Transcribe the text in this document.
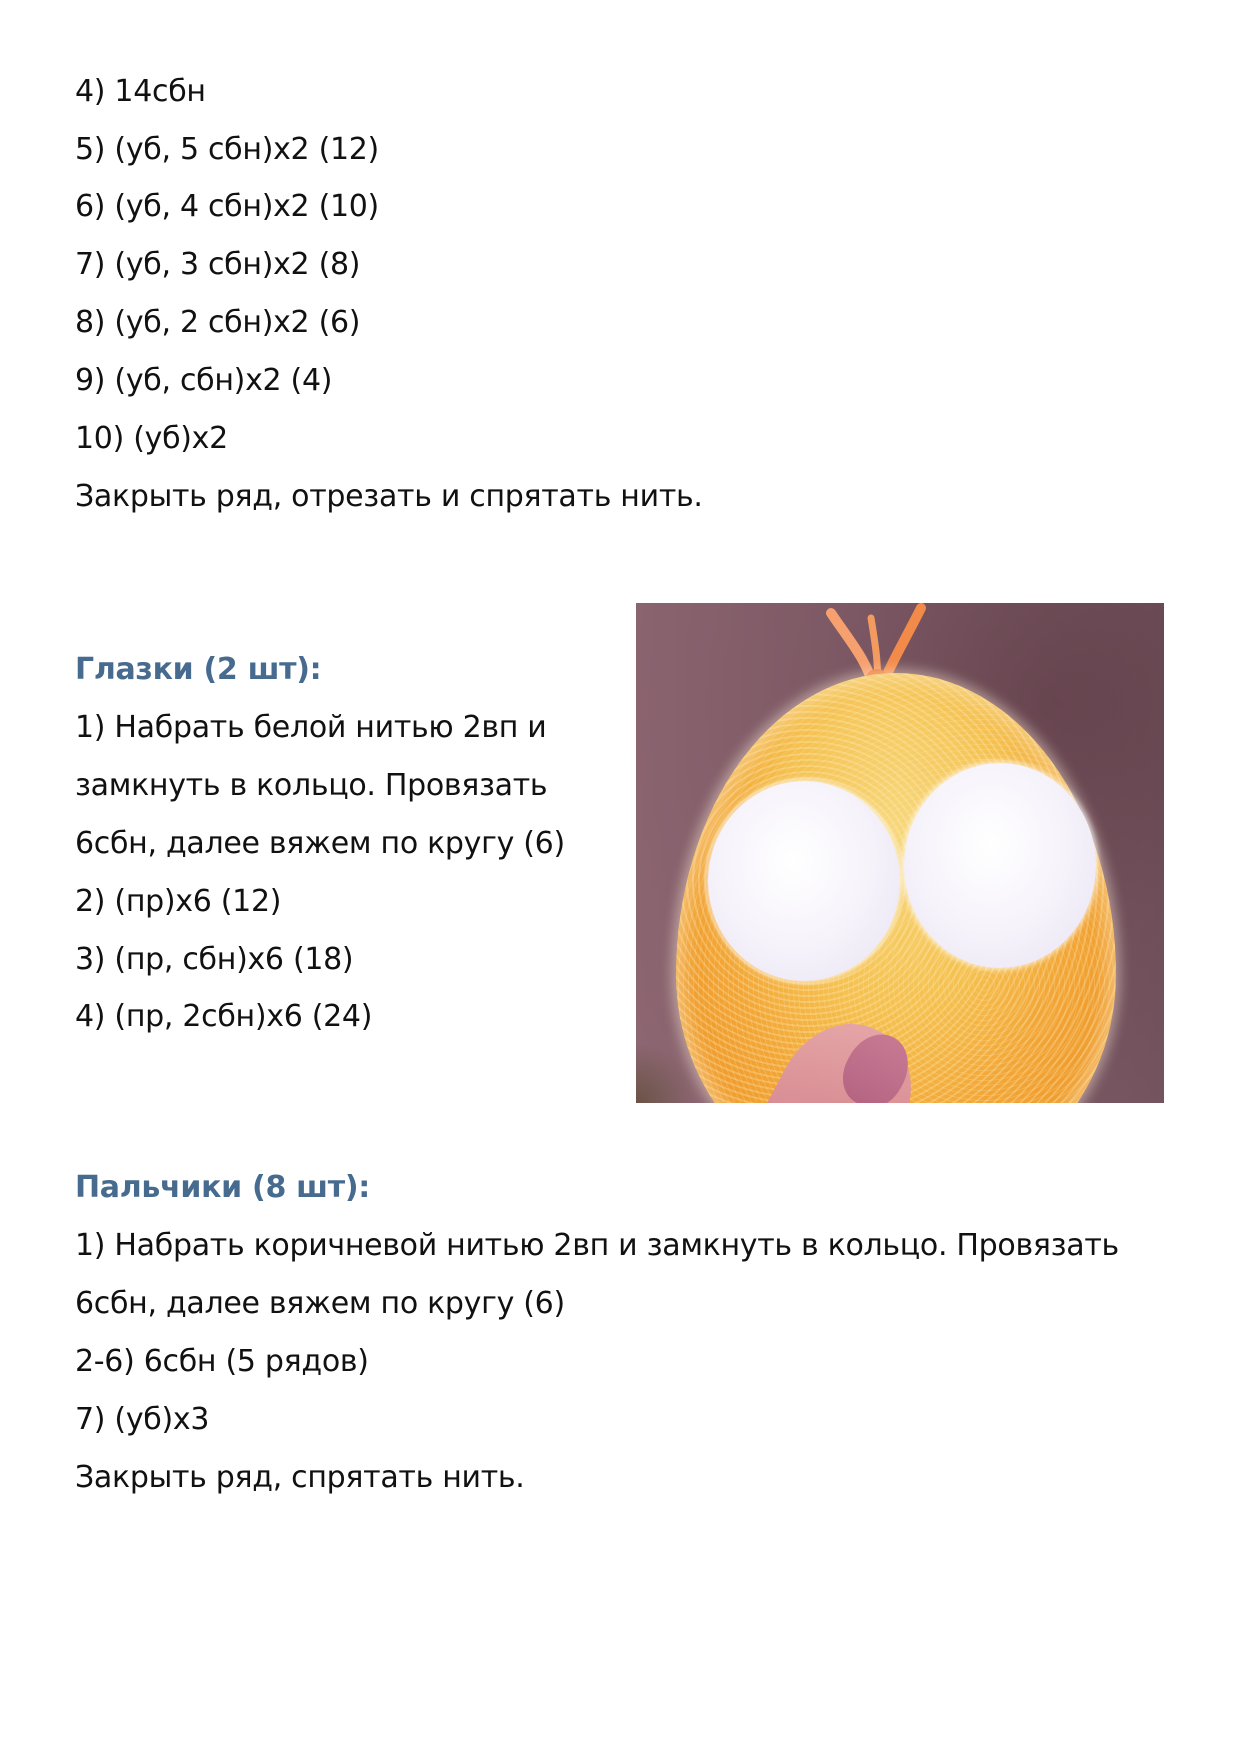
4) 14сбн
5) (уб, 5 сбн)х2 (12)
6) (уб, 4 сбн)х2 (10)
7) (уб, 3 сбн)х2 (8)
8) (уб, 2 сбн)х2 (6)
9) (уб, сбн)х2 (4)
10) (уб)х2
Закрыть ряд, отрезать и спрятать нить.
Глазки (2 шт):
1) Набрать белой нитью 2вп и
замкнуть в кольцо. Провязать
6сбн, далее вяжем по кругу (6)
2) (пр)х6 (12)
3) (пр, сбн)х6 (18)
4) (пр, 2сбн)х6 (24)
Пальчики (8 шт):
1) Набрать коричневой нитью 2вп и замкнуть в кольцо. Провязать
6сбн, далее вяжем по кругу (6)
2-6) 6сбн (5 рядов)
7) (уб)х3
Закрыть ряд, спрятать нить.
